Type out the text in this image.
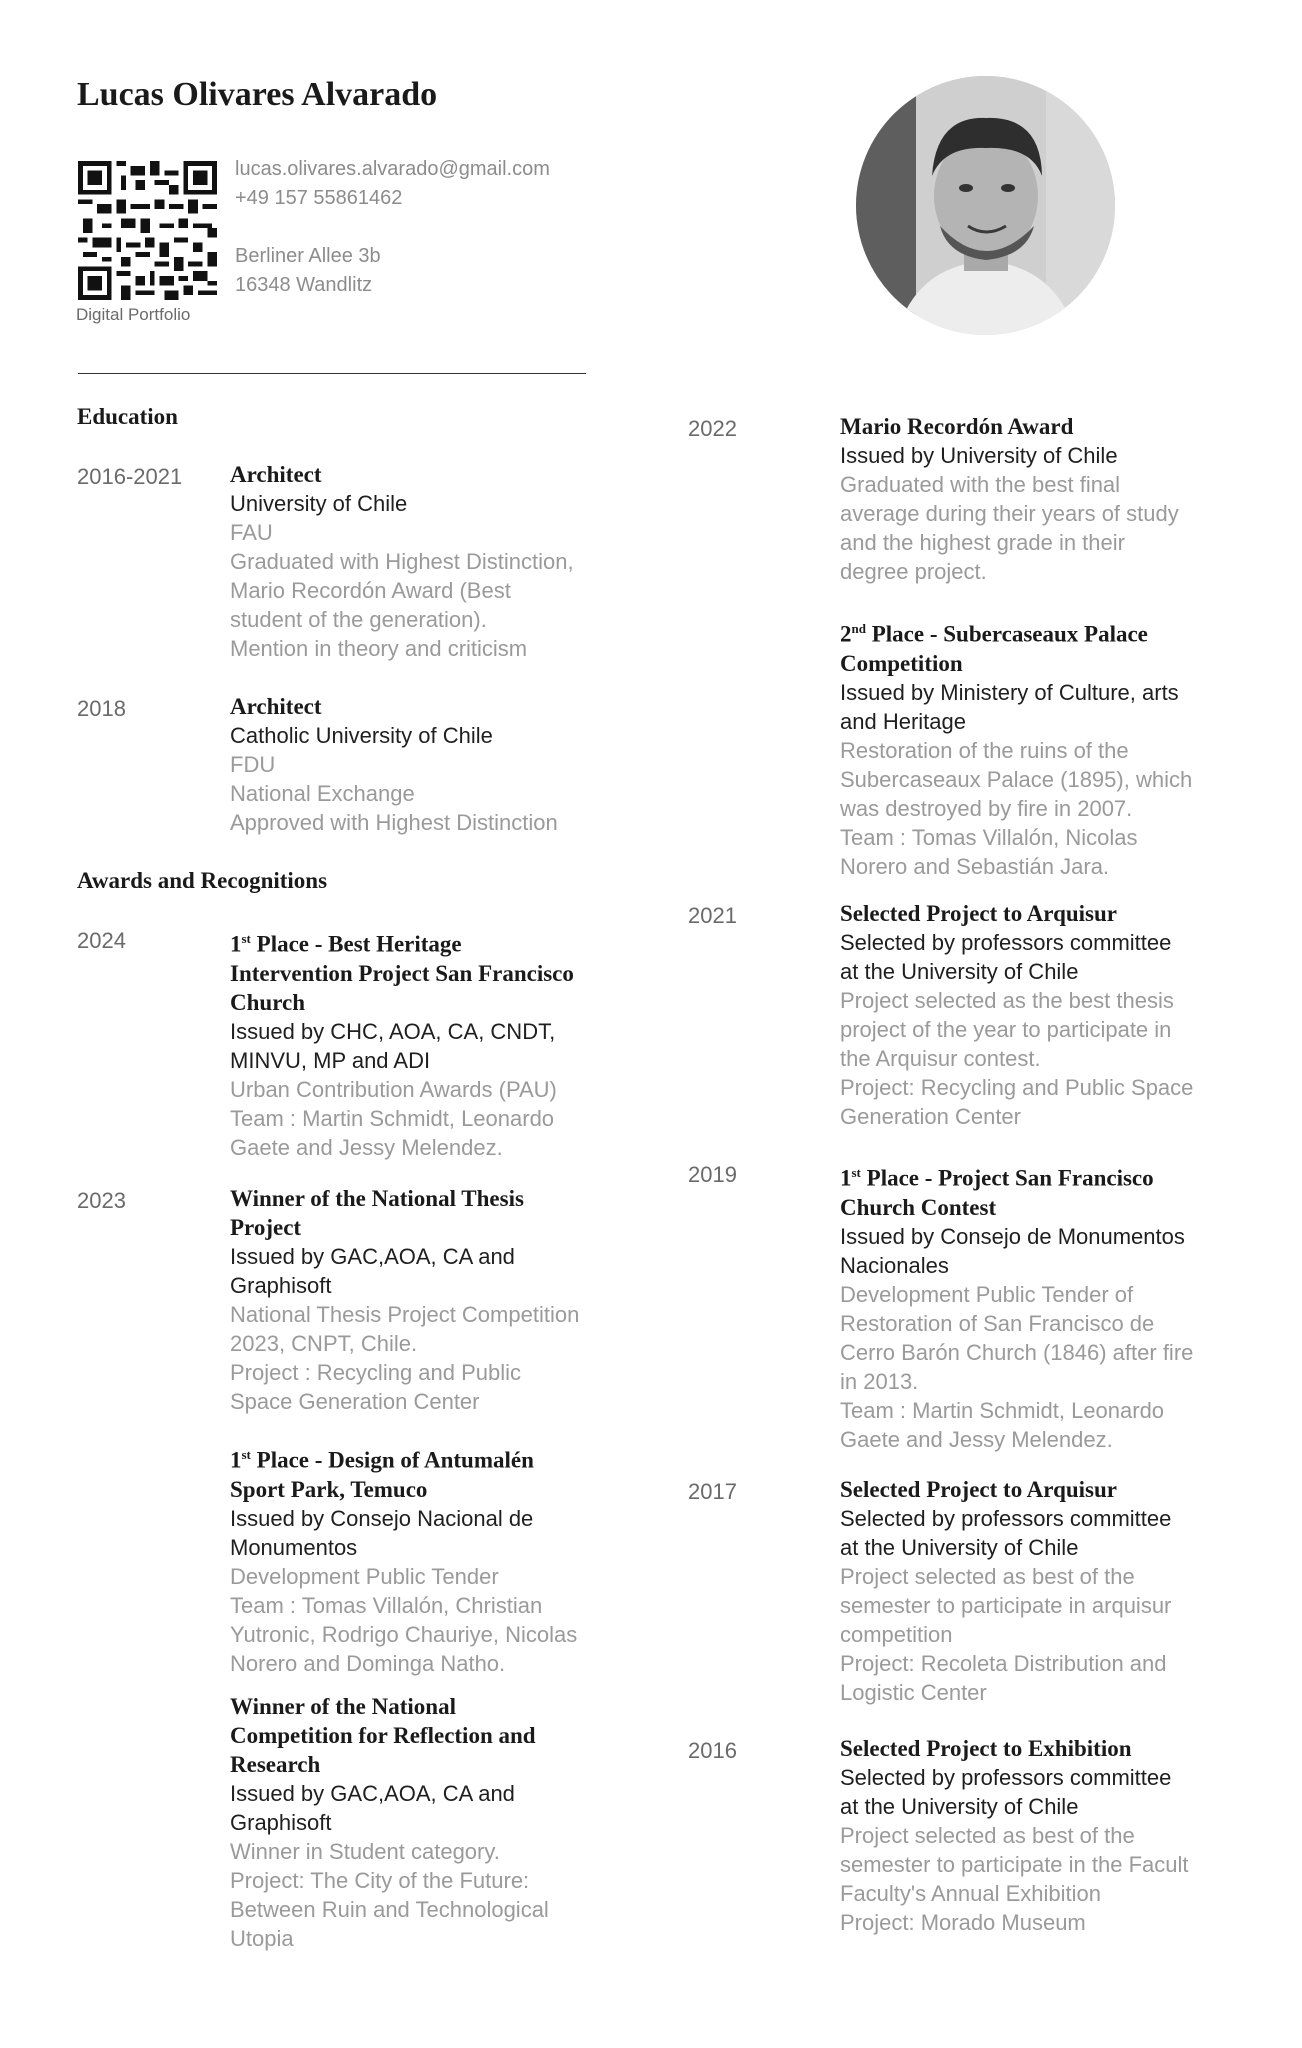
Lucas Olivares Alvarado
Digital Portfolio
lucas.olivares.alvarado@gmail.com
+49 157 55861462
Berliner Allee 3b
16348 Wandlitz
Education
2016-2021 Architect
University of Chile
FAU
Graduated with Highest Distinction,
Mario Recordón Award (Best
student of the generation).
Mention in theory and criticism
2018	Architect
Catholic University of Chile
FDU
National Exchange
Approved with Highest Distinction
Awards and Recognitions
2024	1st Place - Best Heritage
Intervention Project San Francisco
Church
Issued by CHC, AOA, CA, CNDT,
MINVU, MP and ADI
Urban Contribution Awards (PAU)
Team : Martin Schmidt, Leonardo
Gaete and Jessy Melendez.
2023	Winner of the National Thesis
Project
Issued by GAC,AOA, CA and
Graphisoft
National Thesis Project Competition
2023, CNPT, Chile.
Project : Recycling and Public
Space Generation Center
1st Place - Design of Antumalén
Sport Park, Temuco
Issued by Consejo Nacional de
Monumentos
Development Public Tender
Team : Tomas Villalón, Christian
Yutronic, Rodrigo Chauriye, Nicolas
Norero and Dominga Natho.
Winner of the National
Competition for Reflection and
Research
Issued by GAC,AOA, CA and
Graphisoft
Winner in Student category.
Project: The City of the Future:
Between Ruin and Technological
Utopia
2022	Mario Recordón Award
Issued by University of Chile
Graduated with the best final
average during their years of study
and the highest grade in their
degree project.
2nd Place - Subercaseaux Palace
Competition
Issued by Ministery of Culture, arts
and Heritage
Restoration of the ruins of the
Subercaseaux Palace (1895), which
was destroyed by fire in 2007.
Team : Tomas Villalón, Nicolas
Norero and Sebastián Jara.
2021	Selected Project to Arquisur
Selected by professors committee
at the University of Chile
Project selected as the best thesis
project of the year to participate in
the Arquisur contest.
Project: Recycling and Public Space
Generation Center
2019	1st Place - Project San Francisco
Church Contest
Issued by Consejo de Monumentos
Nacionales
Development Public Tender of
Restoration of San Francisco de
Cerro Barón Church (1846) after fire
in 2013.
Team : Martin Schmidt, Leonardo
Gaete and Jessy Melendez.
2017	Selected Project to Arquisur
Selected by professors committee
at the University of Chile
Project selected as best of the
semester to participate in arquisur
competition
Project: Recoleta Distribution and
Logistic Center
2016	Selected Project to Exhibition
Selected by professors committee
at the University of Chile
Project selected as best of the
semester to participate in the Facult
Faculty's Annual Exhibition
Project: Morado Museum
